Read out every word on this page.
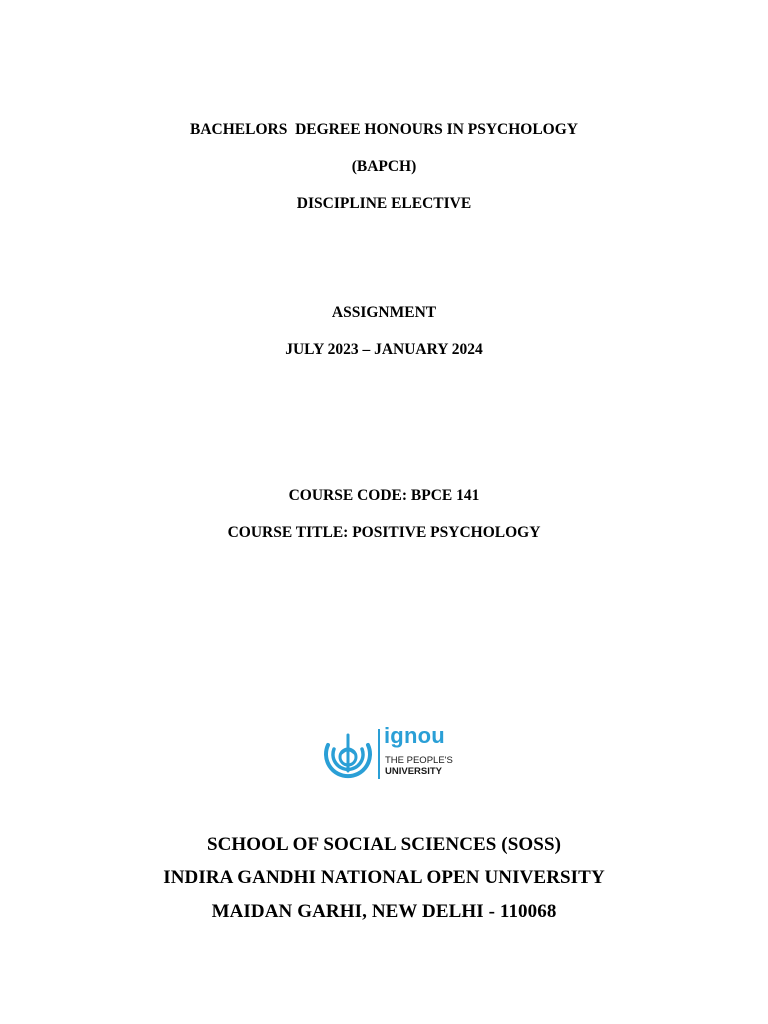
BACHELORS  DEGREE HONOURS IN PSYCHOLOGY
(BAPCH)
DISCIPLINE ELECTIVE
ASSIGNMENT
JULY 2023 – JANUARY 2024
COURSE CODE: BPCE 141
COURSE TITLE: POSITIVE PSYCHOLOGY
ignou
THE PEOPLE'S
UNIVERSITY
SCHOOL OF SOCIAL SCIENCES (SOSS)
INDIRA GANDHI NATIONAL OPEN UNIVERSITY
MAIDAN GARHI, NEW DELHI - 110068
